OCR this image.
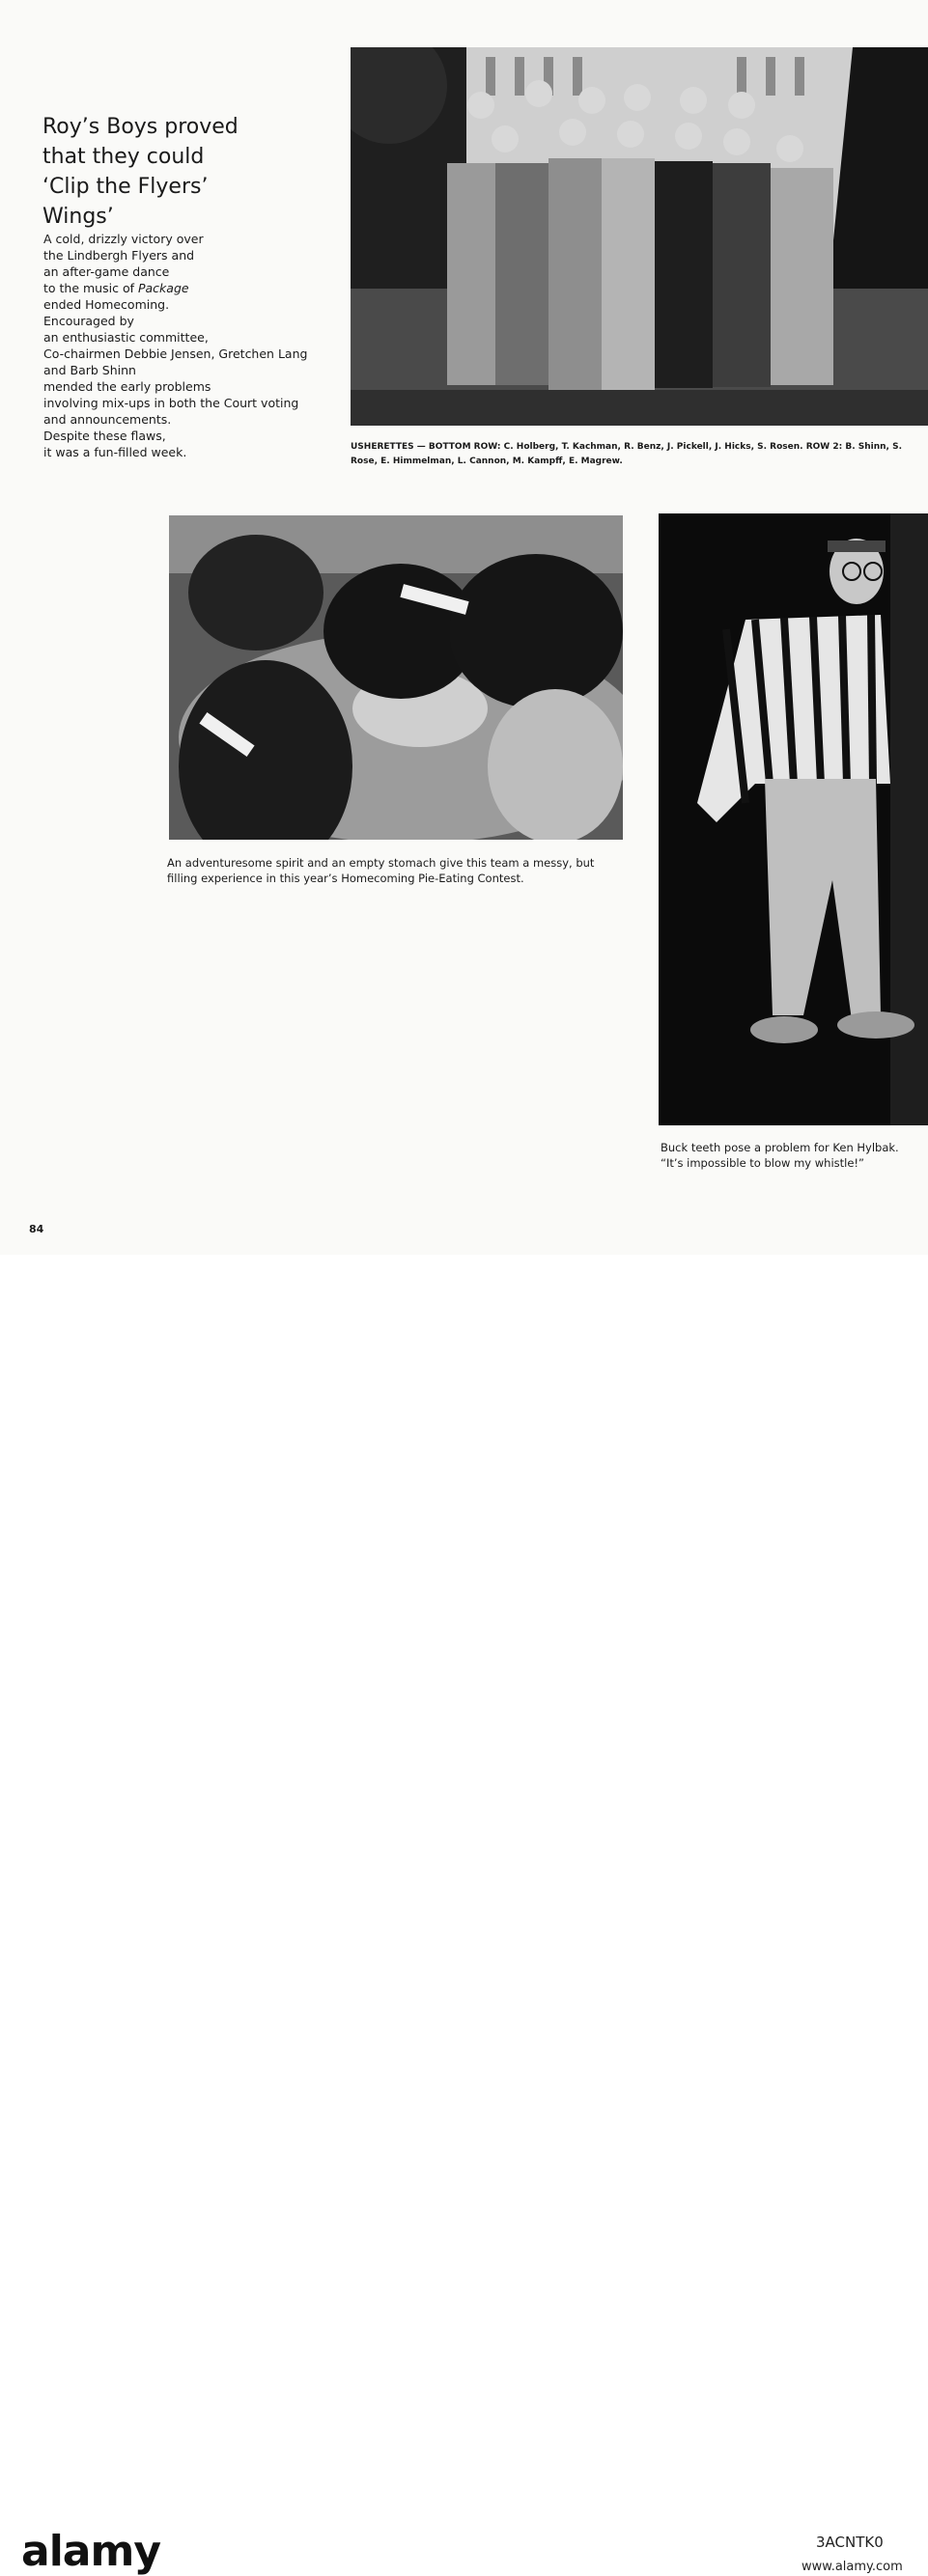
Roy’s Boys proved
that they could
‘Clip the Flyers’
Wings’
A cold, drizzly victory over
the Lindbergh Flyers and
an after-game dance
to the music of Package
ended Homecoming.
Encouraged by
an enthusiastic committee,
Co-chairmen Debbie Jensen, Gretchen Lang
and Barb Shinn
mended the early problems
involving mix-ups in both the Court voting
and announcements.
Despite these flaws,
it was a fun-filled week.	USHERETTES — BOTTOM ROW: C. Holberg, T. Kachman, R. Benz, J. Pickell, J. Hicks, S. Rosen. ROW 2: B. Shinn, S.
Rose, E. Himmelman, L. Cannon, M. Kampff, E. Magrew.
An adventuresome spirit and an empty stomach give this team a messy, but
filling experience in this year’s Homecoming Pie-Eating Contest.
Buck teeth pose a problem for Ken Hylbak.
“It’s impossible to blow my whistle!”
84
alamy	3ACNTK0
www.alamy.com
